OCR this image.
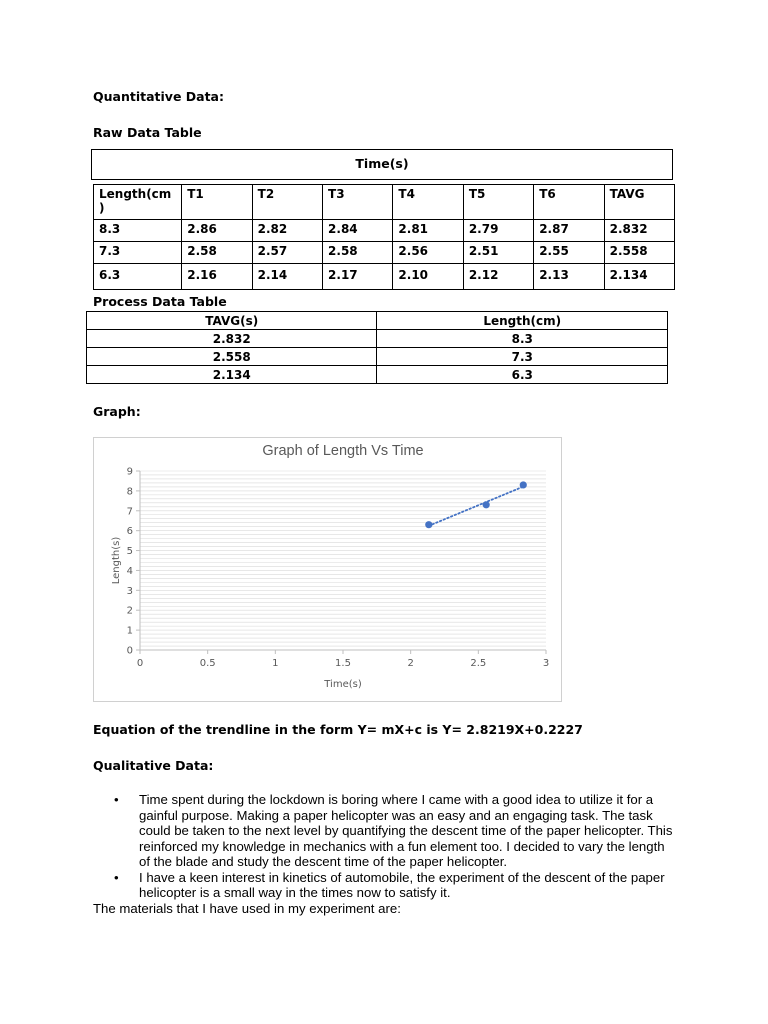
Quantitative Data:
Raw Data Table
Time(s)
Length(cm
)	T1	T2	T3	T4	T5	T6	TAVG
8.3	2.86	2.82	2.84	2.81	2.79	2.87	2.832
7.3	2.58	2.57	2.58	2.56	2.51	2.55	2.558
6.3	2.16	2.14	2.17	2.10	2.12	2.13	2.134
Process Data Table
TAVG(s)	Length(cm)
2.832	8.3
2.558	7.3
2.134	6.3
Graph:
Graph of Length Vs Time
0
1
2
3
4
5
6
7
8
9
0	0.5	1	1.5	2	2.5	3
Time(s)
Length(s)
Equation of the trendline in the form Y= mX+c is Y= 2.8219X+0.2227
Qualitative Data:
• Time spent during the lockdown is boring where I came with a good idea to utilize it for a gainful purpose. Making a paper helicopter was an easy and an engaging task. The task could be taken to the next level by quantifying the descent time of the paper helicopter. This reinforced my knowledge in mechanics with a fun element too. I decided to vary the length of the blade and study the descent time of the paper helicopter.
• I have a keen interest in kinetics of automobile, the experiment of the descent of the paper helicopter is a small way in the times now to satisfy it.
The materials that I have used in my experiment are:
